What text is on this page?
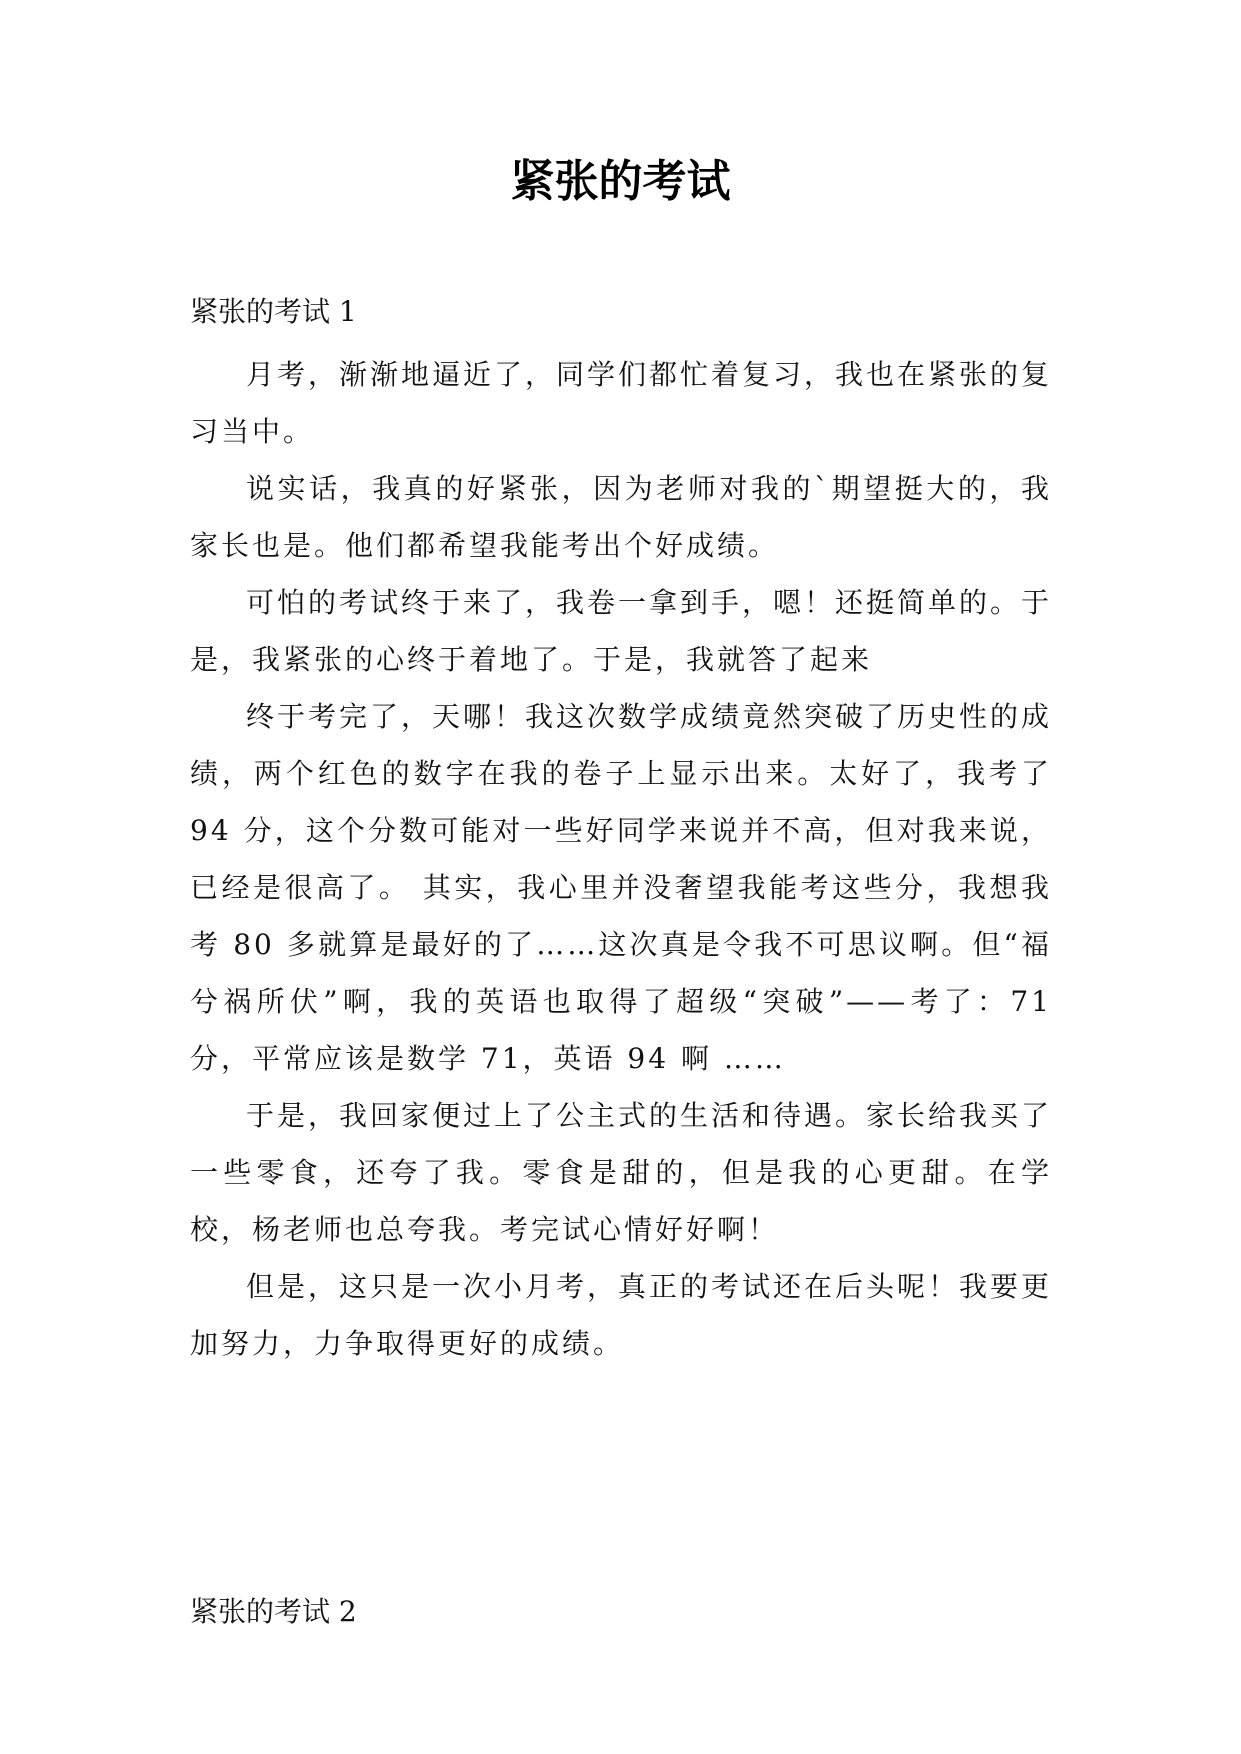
紧张的考试
紧张的考试 1

月考，渐渐地逼近了，同学们都忙着复习，我也在紧张的复习当中。

说实话，我真的好紧张，因为老师对我的`期望挺大的，我家长也是。他们都希望我能考出个好成绩。

可怕的考试终于来了，我卷一拿到手，嗯！还挺简单的。于是，我紧张的心终于着地了。于是，我就答了起来

终于考完了，天哪！我这次数学成绩竟然突破了历史性的成绩，两个红色的数字在我的卷子上显示出来。太好了，我考了 94 分，这个分数可能对一些好同学来说并不高，但对我来说，已经是很高了。 其实，我心里并没奢望我能考这些分，我想我考 80 多就算是最好的了……这次真是令我不可思议啊。但“福兮祸所伏”啊，我的英语也取得了超级“突破”——考了：71 分，平常应该是数学 71，英语 94 啊 ……

于是，我回家便过上了公主式的生活和待遇。家长给我买了一些零食，还夸了我。零食是甜的，但是我的心更甜。在学校，杨老师也总夸我。考完试心情好好啊！

但是，这只是一次小月考，真正的考试还在后头呢！我要更加努力，力争取得更好的成绩。

紧张的考试 2
